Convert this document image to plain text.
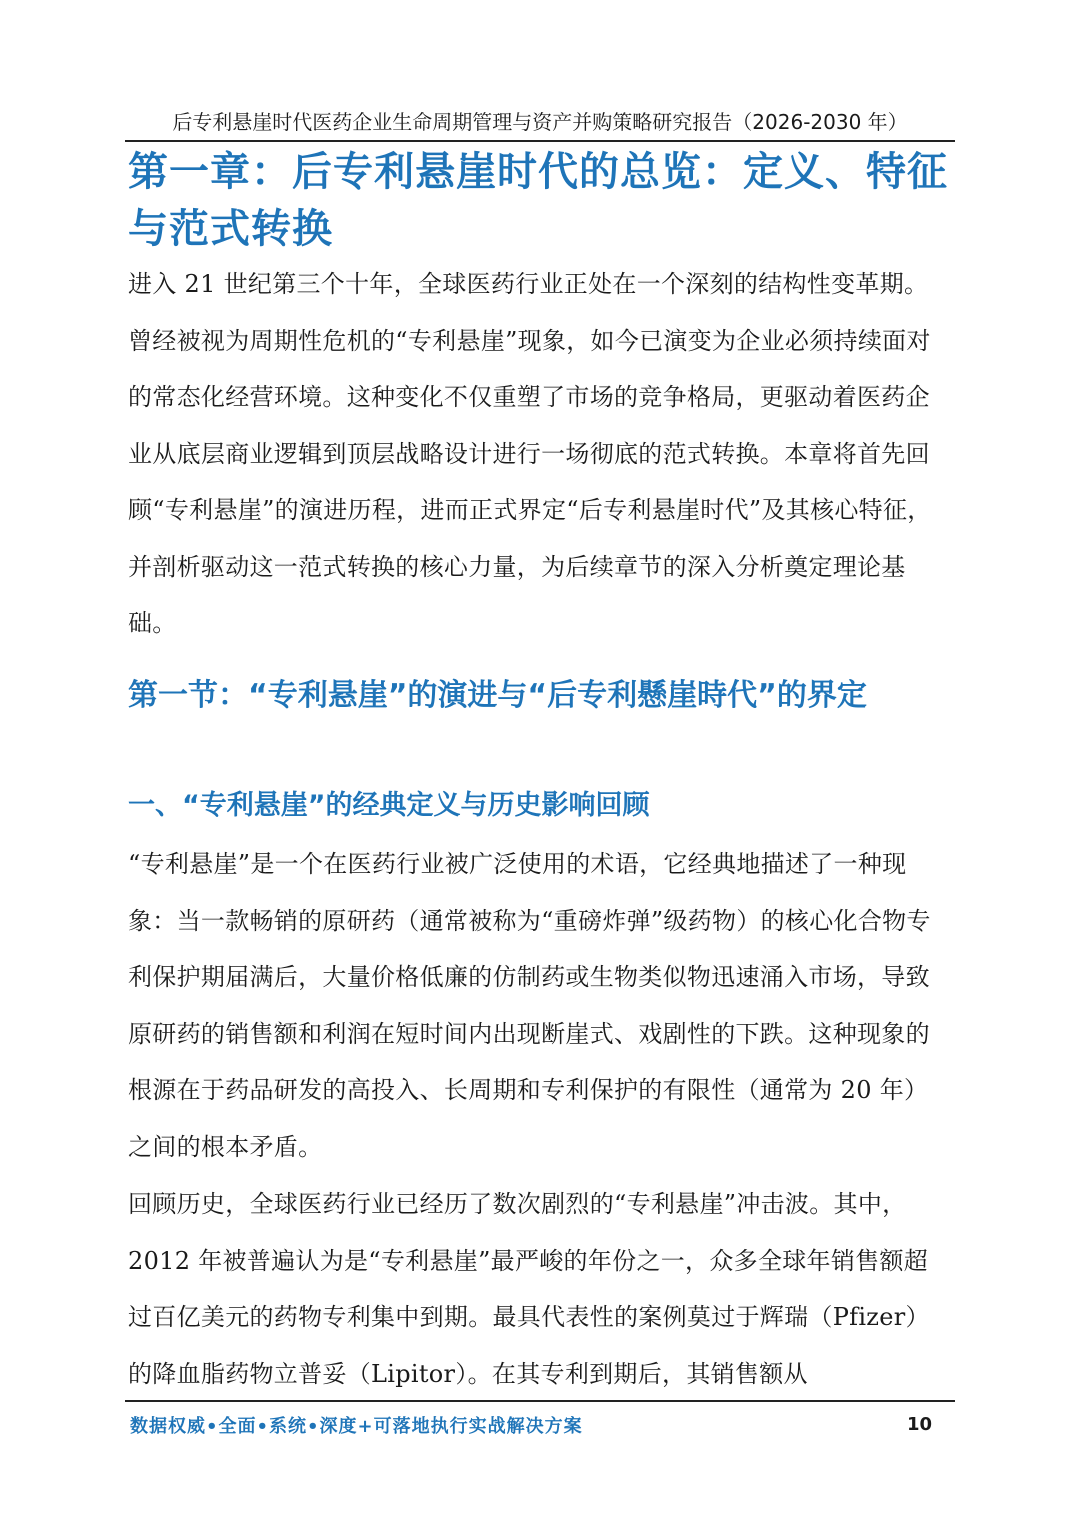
后专利悬崖时代医药企业生命周期管理与资产并购策略研究报告（2026-2030 年）
第一章：后专利悬崖时代的总览：定义、特征与范式转换

进入 21 世纪第三个十年，全球医药行业正处在一个深刻的结构性变革期。曾经被视为周期性危机的“专利悬崖”现象，如今已演变为企业必须持续面对的常态化经营环境。这种变化不仅重塑了市场的竞争格局，更驱动着医药企业从底层商业逻辑到顶层战略设计进行一场彻底的范式转换。本章将首先回顾“专利悬崖”的演进历程，进而正式界定“后专利悬崖时代”及其核心特征，并剖析驱动这一范式转换的核心力量，为后续章节的深入分析奠定理论基础。

第一节：“专利悬崖”的演进与“后专利懸崖時代”的界定
一、“专利悬崖”的经典定义与历史影响回顾

“专利悬崖”是一个在医药行业被广泛使用的术语，它经典地描述了一种现象：当一款畅销的原研药（通常被称为“重磅炸弹”级药物）的核心化合物专利保护期届满后，大量价格低廉的仿制药或生物类似物迅速涌入市场，导致原研药的销售额和利润在短时间内出现断崖式、戏剧性的下跌。这种现象的根源在于药品研发的高投入、长周期和专利保护的有限性（通常为 20 年）之间的根本矛盾。

回顾历史，全球医药行业已经历了数次剧烈的“专利悬崖”冲击波。其中，2012 年被普遍认为是“专利悬崖”最严峻的年份之一，众多全球年销售额超过百亿美元的药物专利集中到期。最具代表性的案例莫过于辉瑞（Pfizer）的降血脂药物立普妥（Lipitor）。在其专利到期后，其销售额从

数据权威•全面•系统•深度+可落地执行实战解决方案	10
